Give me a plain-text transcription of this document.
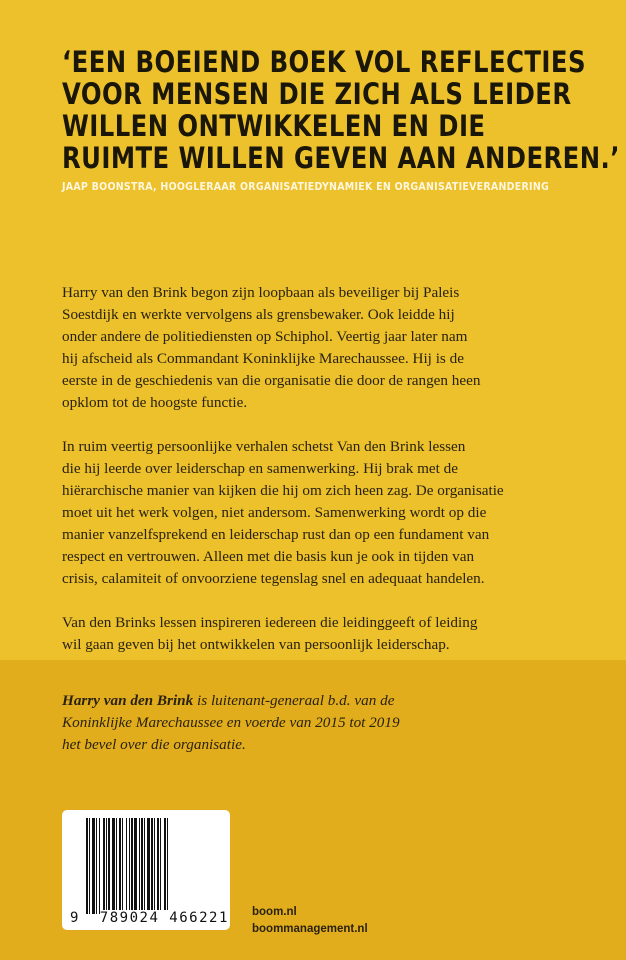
‘EEN BOEIEND BOEK VOL REFLECTIES
VOOR MENSEN DIE ZICH ALS LEIDER
WILLEN ONTWIKKELEN EN DIE
RUIMTE WILLEN GEVEN AAN ANDEREN.’
JAAP BOONSTRA, HOOGLERAAR ORGANISATIEDYNAMIEK EN ORGANISATIEVERANDERING

Harry van den Brink begon zijn loopbaan als beveiliger bij Paleis
Soestdijk en werkte vervolgens als grensbewaker. Ook leidde hij
onder andere de politiediensten op Schiphol. Veertig jaar later nam
hij afscheid als Commandant Koninklijke Marechaussee. Hij is de
eerste in de geschiedenis van die organisatie die door de rangen heen
opklom tot de hoogste functie.

In ruim veertig persoonlijke verhalen schetst Van den Brink lessen
die hij leerde over leiderschap en samenwerking. Hij brak met de
hiërarchische manier van kijken die hij om zich heen zag. De organisatie
moet uit het werk volgen, niet andersom. Samenwerking wordt op die
manier vanzelfsprekend en leiderschap rust dan op een fundament van
respect en vertrouwen. Alleen met die basis kun je ook in tijden van
crisis, calamiteit of onvoorziene tegenslag snel en adequaat handelen.

Van den Brinks lessen inspireren iedereen die leidinggeeft of leiding
wil gaan geven bij het ontwikkelen van persoonlijk leiderschap.

Harry van den Brink is luitenant-generaal b.d. van de
Koninklijke Marechaussee en voerde van 2015 tot 2019
het bevel over die organisatie.
9 789024 466221 boom.nl
boommanagement.nl
